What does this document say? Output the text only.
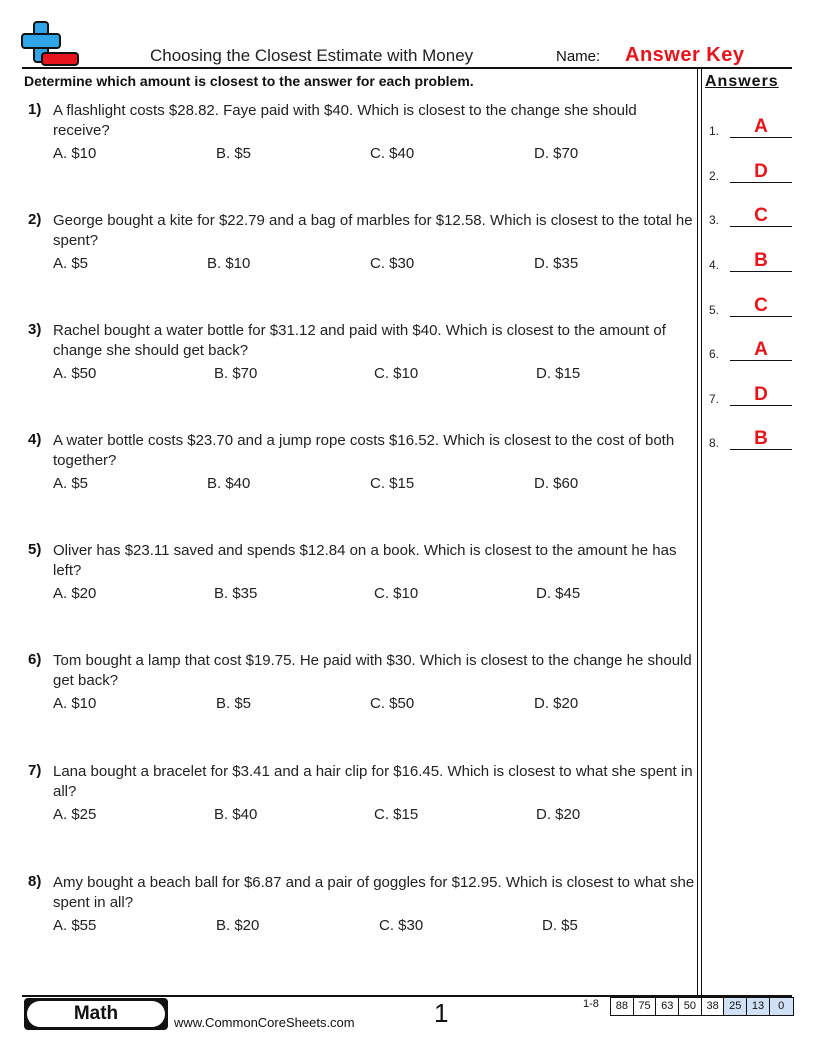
Choosing the Closest Estimate with Money	Name: Answer Key
Determine which amount is closest to the answer for each problem.	Answers
1) A flashlight costs $28.82. Faye paid with $40. Which is closest to the change she should receive?
A. $10	B. $5	C. $40	D. $70
2) George bought a kite for $22.79 and a bag of marbles for $12.58. Which is closest to the total he spent?
A. $5	B. $10	C. $30	D. $35
3) Rachel bought a water bottle for $31.12 and paid with $40. Which is closest to the amount of change she should get back?
A. $50	B. $70	C. $10	D. $15
4) A water bottle costs $23.70 and a jump rope costs $16.52. Which is closest to the cost of both together?
A. $5	B. $40	C. $15	D. $60
5) Oliver has $23.11 saved and spends $12.84 on a book. Which is closest to the amount he has left?
A. $20	B. $35	C. $10	D. $45
6) Tom bought a lamp that cost $19.75. He paid with $30. Which is closest to the change he should get back?
A. $10	B. $5	C. $50	D. $20
7) Lana bought a bracelet for $3.41 and a hair clip for $16.45. Which is closest to what she spent in all?
A. $25	B. $40	C. $15	D. $20
8) Amy bought a beach ball for $6.87 and a pair of goggles for $12.95. Which is closest to what she spent in all?
A. $55	B. $20	C. $30	D. $5
1.	A
2.	D
3.	C
4.	B
5.	C
6.	A
7.	D
8.	B
Math	www.CommonCoreSheets.com	1	1-8	88 75 63 50 38 25 13	0
